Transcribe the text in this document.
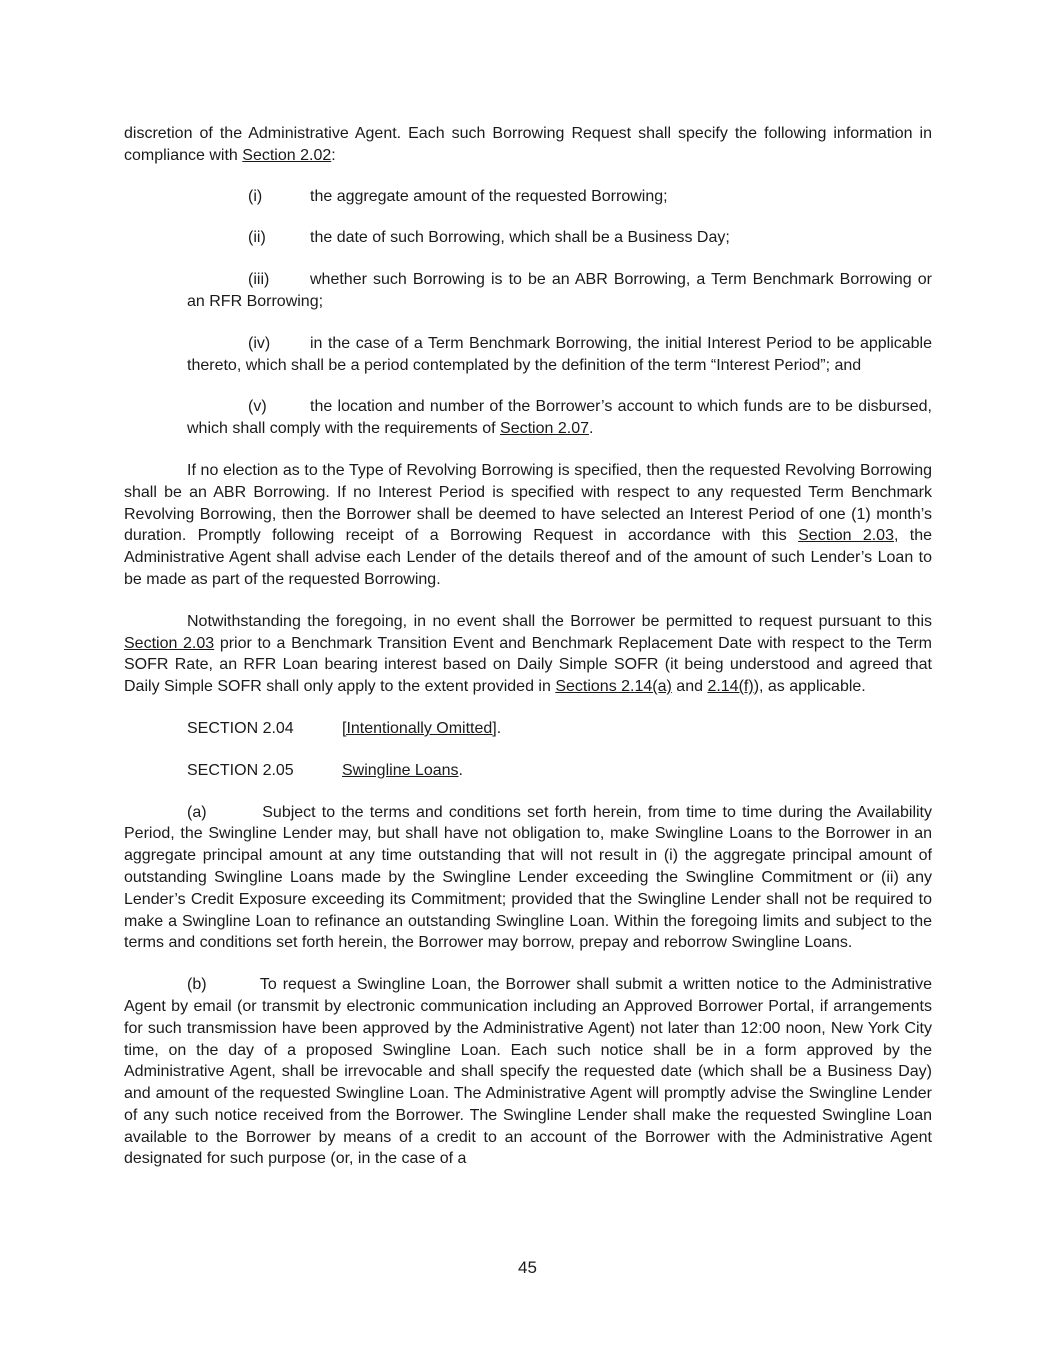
discretion of the Administrative Agent. Each such Borrowing Request shall specify the following information in compliance with Section 2.02:

(i)	the aggregate amount of the requested Borrowing;

(ii)	the date of such Borrowing, which shall be a Business Day;

(iii)	whether such Borrowing is to be an ABR Borrowing, a Term Benchmark Borrowing or an RFR Borrowing;

(iv) in the case of a Term Benchmark Borrowing, the initial Interest Period to be applicable thereto, which shall be a period contemplated by the definition of the term “Interest Period”; and

(v)	the location and number of the Borrower’s account to which funds are to be disbursed, which shall comply with the requirements of Section 2.07.

If no election as to the Type of Revolving Borrowing is specified, then the requested Revolving Borrowing shall be an ABR Borrowing. If no Interest Period is specified with respect to any requested Term Benchmark Revolving Borrowing, then the Borrower shall be deemed to have selected an Interest Period of one (1) month’s duration. Promptly following receipt of a Borrowing Request in accordance with this Section 2.03, the Administrative Agent shall advise each Lender of the details thereof and of the amount of such Lender’s Loan to be made as part of the requested Borrowing.

Notwithstanding the foregoing, in no event shall the Borrower be permitted to request pursuant to this Section 2.03 prior to a Benchmark Transition Event and Benchmark Replacement Date with respect to the Term SOFR Rate, an RFR Loan bearing interest based on Daily Simple SOFR (it being understood and agreed that Daily Simple SOFR shall only apply to the extent provided in Sections 2.14(a) and 2.14(f)), as applicable.

SECTION 2.04	[Intentionally Omitted].

SECTION 2.05	Swingline Loans.

(a)         Subject to the terms and conditions set forth herein, from time to time during the Availability Period, the Swingline Lender may, but shall have not obligation to, make Swingline Loans to the Borrower in an aggregate principal amount at any time outstanding that will not result in (i) the aggregate principal amount of outstanding Swingline Loans made by the Swingline Lender exceeding the Swingline Commitment or (ii) any Lender’s Credit Exposure exceeding its Commitment; provided that the Swingline Lender shall not be required to make a Swingline Loan to refinance an outstanding Swingline Loan. Within the foregoing limits and subject to the terms and conditions set forth herein, the Borrower may borrow, prepay and reborrow Swingline Loans.

(b)         To request a Swingline Loan, the Borrower shall submit a written notice to the Administrative Agent by email (or transmit by electronic communication including an Approved Borrower Portal, if arrangements for such transmission have been approved by the Administrative Agent) not later than 12:00 noon, New York City time, on the day of a proposed Swingline Loan. Each such notice shall be in a form approved by the Administrative Agent, shall be irrevocable and shall specify the requested date (which shall be a Business Day) and amount of the requested Swingline Loan. The Administrative Agent will promptly advise the Swingline Lender of any such notice received from the Borrower. The Swingline Lender shall make the requested Swingline Loan available to the Borrower by means of a credit to an account of the Borrower with the Administrative Agent designated for such purpose (or, in the case of a

45
